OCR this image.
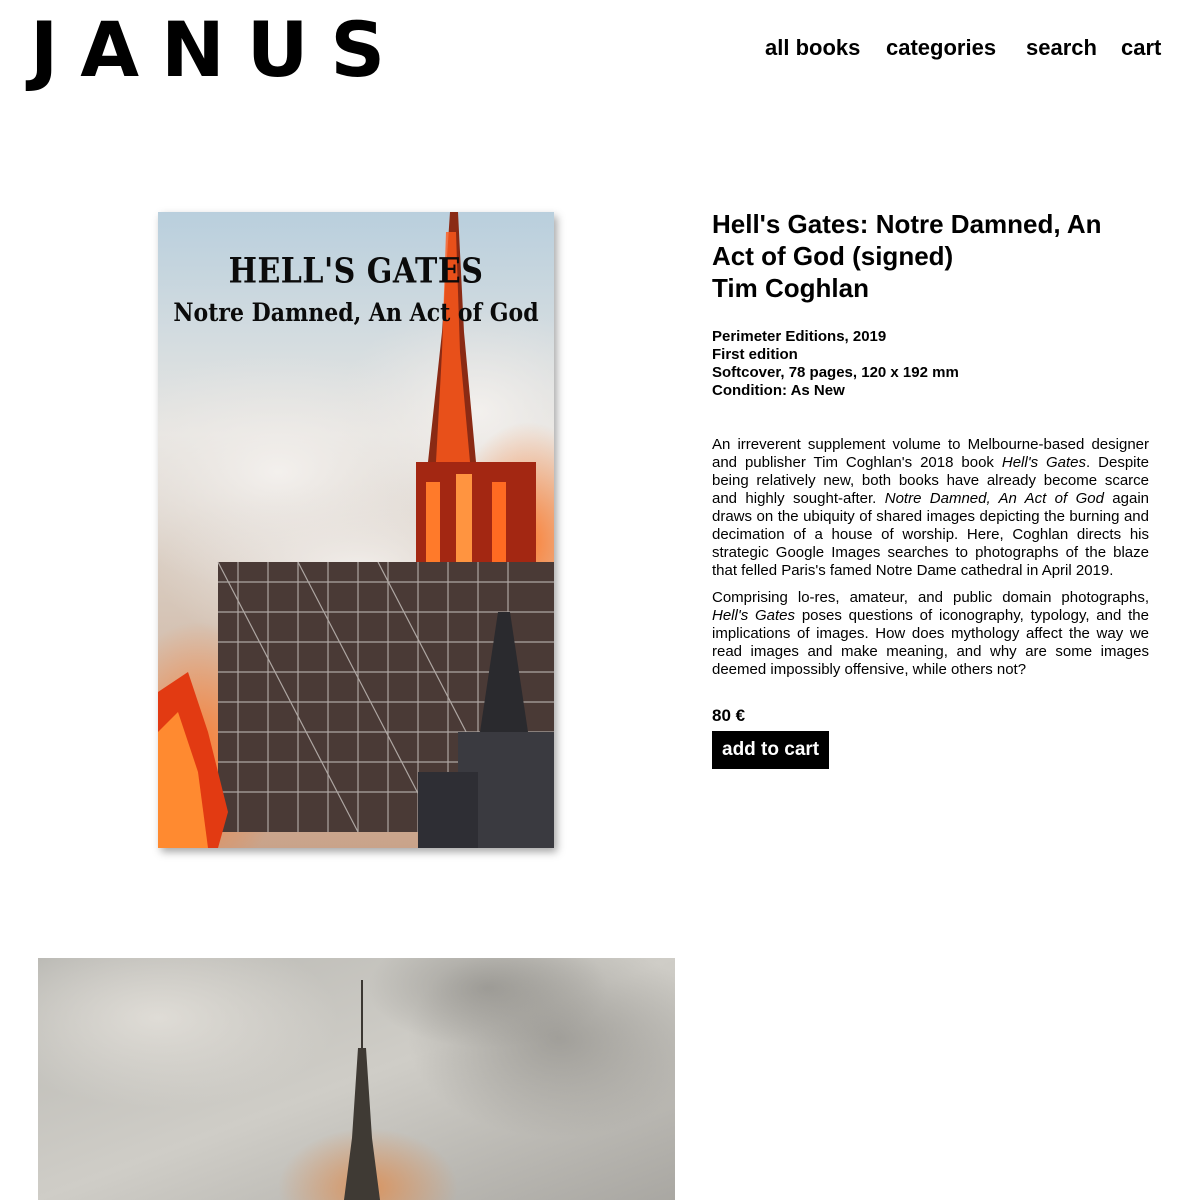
JANUS	all books categories search cart
HELL'S GATES
Notre Damned, An Act of God
Hell's Gates: Notre Damned, An
Act of God (signed)
Tim Coghlan
Perimeter Editions, 2019
First edition
Softcover, 78 pages, 120 x 192 mm
Condition: As New

An irreverent supplement volume to Melbourne-based designer and publisher Tim Coghlan's 2018 book Hell's Gates. Despite being relatively new, both books have already become scarce and highly sought-after. Notre Damned, An Act of God again draws on the ubiquity of shared images depicting the burning and decimation of a house of worship. Here, Coghlan directs his strategic Google Images searches to photographs of the blaze that felled Paris's famed Notre Dame cathedral in April 2019.

Comprising lo-res, amateur, and public domain photographs, Hell's Gates poses questions of iconography, typology, and the implications of images. How does mythology affect the way we read images and make meaning, and why are some images deemed impossibly offensive, while others not?

80 €
add to cart
